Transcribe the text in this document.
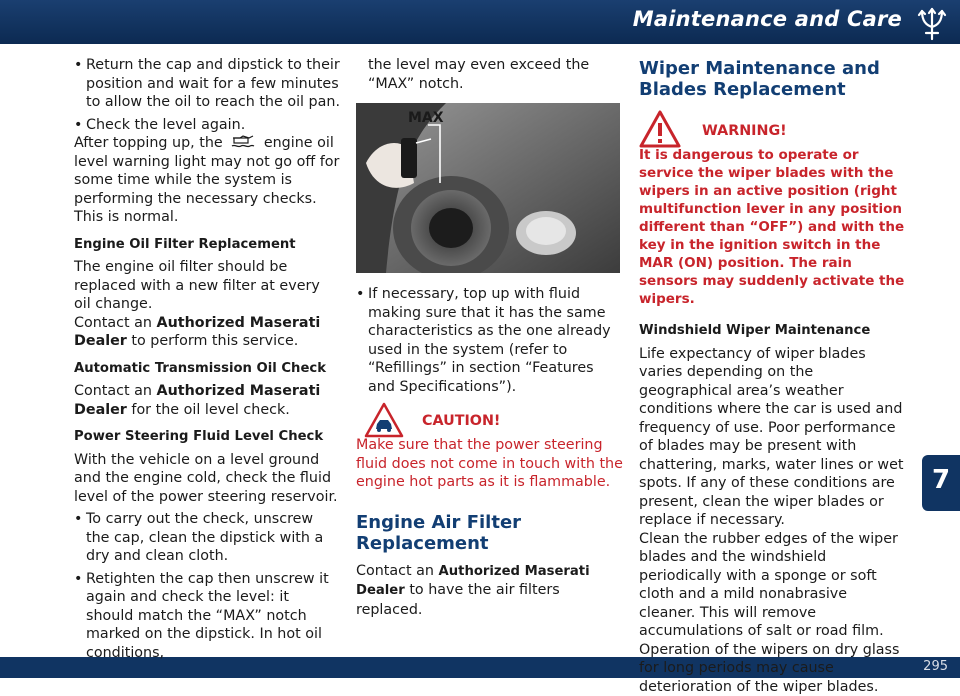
Maintenance and Care
7
295

• Return the cap and dipstick to their position and wait for a few minutes to allow the oil to reach the oil pan.

• Check the level again.

After topping up, the	engine oil level warning light may not go off for some time while the system is performing the necessary checks. This is normal.

Engine Oil Filter Replacement

The engine oil filter should be replaced with a new filter at every oil change.

Contact an Authorized Maserati Dealer to perform this service.

Automatic Transmission Oil Check

Contact an Authorized Maserati Dealer for the oil level check.

Power Steering Fluid Level Check

With the vehicle on a level ground and the engine cold, check the fluid level of the power steering reservoir.

• To carry out the check, unscrew the cap, clean the dipstick with a dry and clean cloth.

• Retighten the cap then unscrew it again and check the level: it should match the “MAX” notch marked on the dipstick. In hot oil conditions,

the level may even exceed the “MAX” notch.

MAX

• If necessary, top up with fluid making sure that it has the same characteristics as the one already used in the system (refer to “Refillings” in section “Features and Specifications”).

CAUTION!

Make sure that the power steering fluid does not come in touch with the engine hot parts as it is flammable.

Engine Air Filter Replacement

Contact an Authorized Maserati Dealer to have the air filters replaced.

Wiper Maintenance and Blades Replacement

WARNING!

It is dangerous to operate or service the wiper blades with the wipers in an active position (right multifunction lever in any position different than “OFF”) and with the key in the ignition switch in the MAR (ON) position. The rain sensors may suddenly activate the wipers.

Windshield Wiper Maintenance

Life expectancy of wiper blades varies depending on the geographical area’s weather conditions where the car is used and frequency of use. Poor performance of blades may be present with chattering, marks, water lines or wet spots. If any of these conditions are present, clean the wiper blades or replace if necessary.

Clean the rubber edges of the wiper blades and the windshield periodically with a sponge or soft cloth and a mild nonabrasive cleaner. This will remove accumulations of salt or road film.

Operation of the wipers on dry glass for long periods may cause deterioration of the wiper blades.
